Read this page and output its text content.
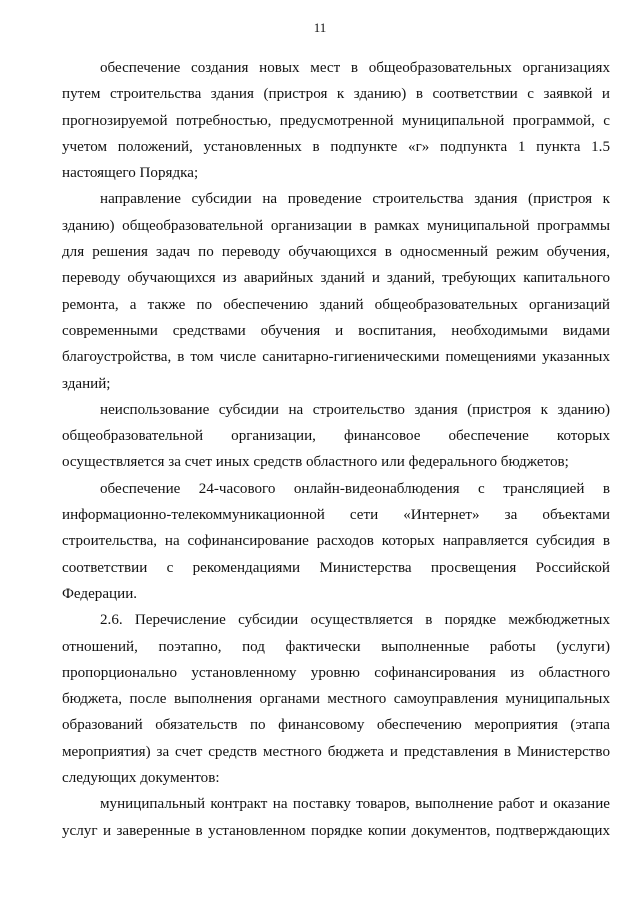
11

обеспечение создания новых мест в общеобразовательных организациях путем строительства здания (пристроя к зданию) в соответствии с заявкой и прогнозируемой потребностью, предусмотренной муниципальной программой, с учетом положений, установленных в подпункте «г» подпункта 1 пункта 1.5 настоящего Порядка;

направление субсидии на проведение строительства здания (пристроя к зданию) общеобразовательной организации в рамках муниципальной программы для решения задач по переводу обучающихся в односменный режим обучения, переводу обучающихся из аварийных зданий и зданий, требующих капитального ремонта, а также по обеспечению зданий общеобразовательных организаций современными средствами обучения и воспитания, необходимыми видами благоустройства, в том числе санитарно-гигиеническими помещениями указанных зданий;

неиспользование субсидии на строительство здания (пристроя к зданию) общеобразовательной организации, финансовое обеспечение которых осуществляется за счет иных средств областного или федерального бюджетов;

обеспечение 24-часового онлайн-видеонаблюдения с трансляцией в информационно-телекоммуникационной сети «Интернет» за объектами строительства, на софинансирование расходов которых направляется субсидия в соответствии с рекомендациями Министерства просвещения Российской Федерации.

2.6. Перечисление субсидии осуществляется в порядке межбюджетных отношений, поэтапно, под фактически выполненные работы (услуги) пропорционально установленному уровню софинансирования из областного бюджета, после выполнения органами местного самоуправления муниципальных образований обязательств по финансовому обеспечению мероприятия (этапа мероприятия) за счет средств местного бюджета и представления в Министерство следующих документов:

муниципальный контракт на поставку товаров, выполнение работ и оказание услуг и заверенные в установленном порядке копии документов, подтверждающих
